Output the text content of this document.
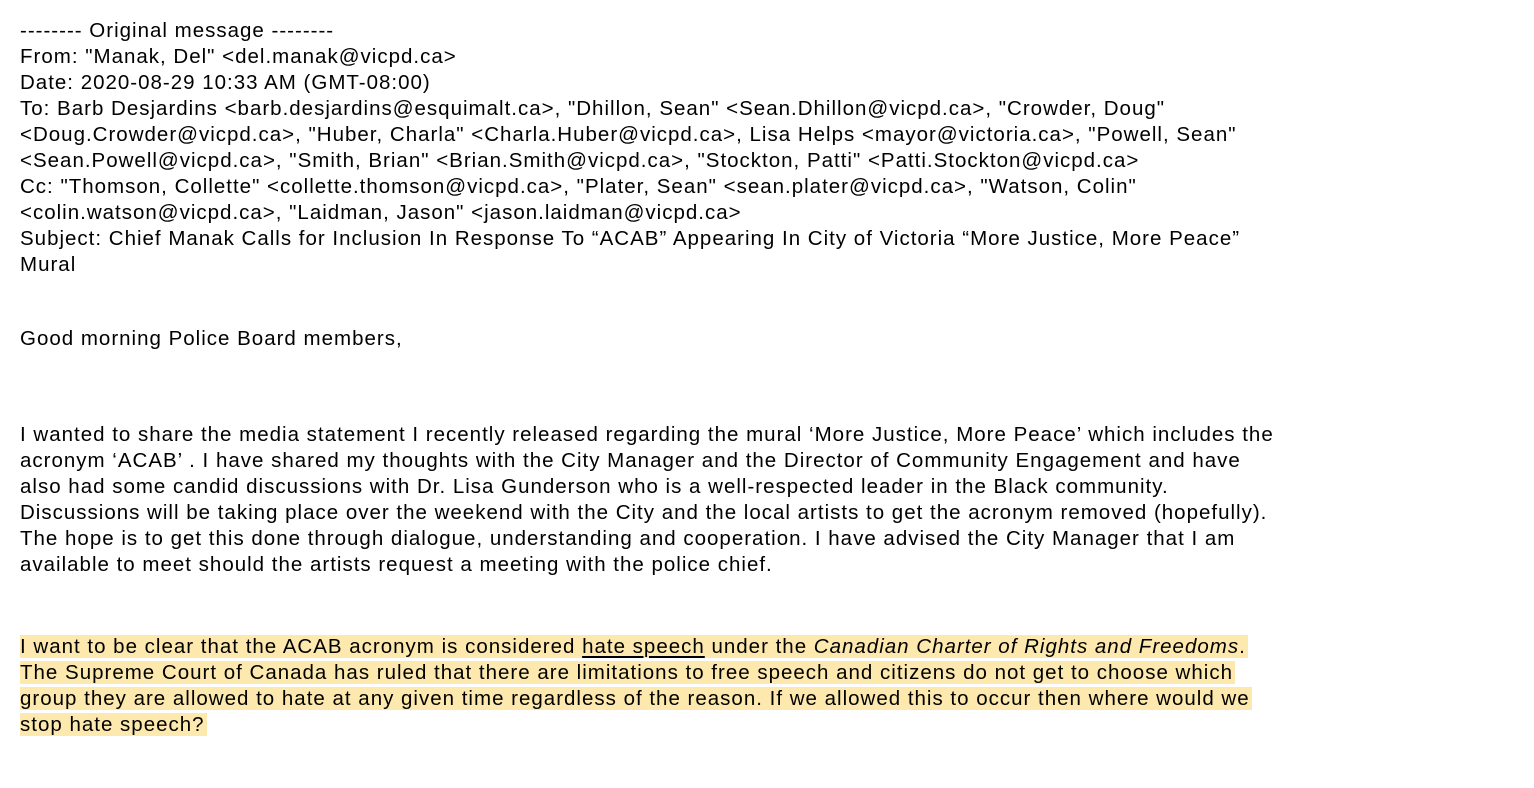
-------- Original message --------
From: "Manak, Del" <del.manak@vicpd.ca>
Date: 2020-08-29 10:33 AM (GMT-08:00)
To: Barb Desjardins <barb.desjardins@esquimalt.ca>, "Dhillon, Sean" <Sean.Dhillon@vicpd.ca>, "Crowder, Doug"
<Doug.Crowder@vicpd.ca>, "Huber, Charla" <Charla.Huber@vicpd.ca>, Lisa Helps <mayor@victoria.ca>, "Powell, Sean"
<Sean.Powell@vicpd.ca>, "Smith, Brian" <Brian.Smith@vicpd.ca>, "Stockton, Patti" <Patti.Stockton@vicpd.ca>
Cc: "Thomson, Collette" <collette.thomson@vicpd.ca>, "Plater, Sean" <sean.plater@vicpd.ca>, "Watson, Colin"
<colin.watson@vicpd.ca>, "Laidman, Jason" <jason.laidman@vicpd.ca>
Subject: Chief Manak Calls for Inclusion In Response To “ACAB” Appearing In City of Victoria “More Justice, More Peace”
Mural
Good morning Police Board members,
I wanted to share the media statement I recently released regarding the mural ‘More Justice, More Peace’ which includes the
acronym ‘ACAB’ . I have shared my thoughts with the City Manager and the Director of Community Engagement and have
also had some candid discussions with Dr. Lisa Gunderson who is a well-respected leader in the Black community.
Discussions will be taking place over the weekend with the City and the local artists to get the acronym removed (hopefully).
The hope is to get this done through dialogue, understanding and cooperation. I have advised the City Manager that I am
available to meet should the artists request a meeting with the police chief.
I want to be clear that the ACAB acronym is considered hate speech under the Canadian Charter of Rights and Freedoms.
The Supreme Court of Canada has ruled that there are limitations to free speech and citizens do not get to choose which
group they are allowed to hate at any given time regardless of the reason. If we allowed this to occur then where would we
stop hate speech?
